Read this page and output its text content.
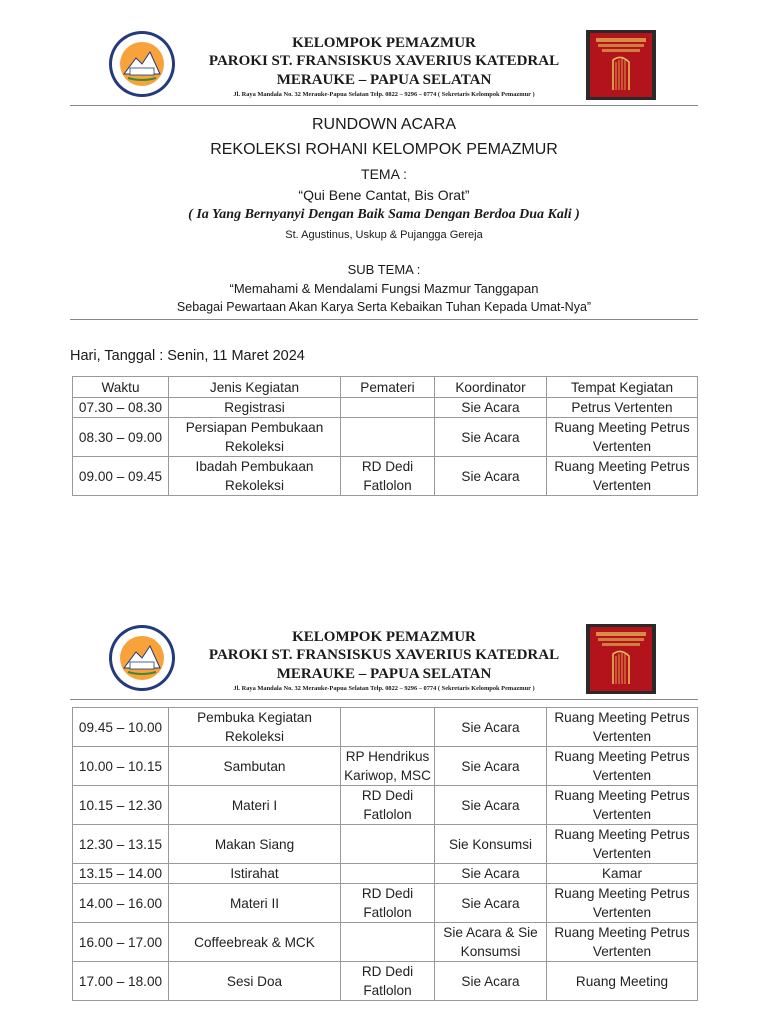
KELOMPOK PEMAZMUR
PAROKI ST. FRANSISKUS XAVERIUS KATEDRAL
MERAUKE – PAPUA SELATAN
Jl. Raya Mandala No. 32 Merauke-Papua Selatan Telp. 0822 – 9296 – 0774 ( Sekretaris Kelompok Pemazmur )
RUNDOWN ACARA
REKOLEKSI ROHANI KELOMPOK PEMAZMUR
TEMA :
“Qui Bene Cantat, Bis Orat”
( Ia Yang Bernyanyi Dengan Baik Sama Dengan Berdoa Dua Kali )
St. Agustinus, Uskup & Pujangga Gereja
SUB TEMA :
“Memahami & Mendalami Fungsi Mazmur Tanggapan
Sebagai Pewartaan Akan Karya Serta Kebaikan Tuhan Kepada Umat-Nya”
Hari, Tanggal : Senin, 11 Maret 2024
Waktu	Jenis Kegiatan	Pemateri	Koordinator	Tempat Kegiatan
07.30 – 08.30	Registrasi		Sie Acara	Petrus Vertenten
08.30 – 09.00	Persiapan Pembukaan Rekoleksi		Sie Acara	Ruang Meeting Petrus Vertenten
09.00 – 09.45	Ibadah Pembukaan Rekoleksi	RD Dedi Fatlolon	Sie Acara	Ruang Meeting Petrus Vertenten
KELOMPOK PEMAZMUR
PAROKI ST. FRANSISKUS XAVERIUS KATEDRAL
MERAUKE – PAPUA SELATAN
Jl. Raya Mandala No. 32 Merauke-Papua Selatan Telp. 0822 – 9296 – 0774 ( Sekretaris Kelompok Pemazmur )
09.45 – 10.00	Pembuka Kegiatan Rekoleksi		Sie Acara	Ruang Meeting Petrus Vertenten
10.00 – 10.15	Sambutan	RP Hendrikus Kariwop, MSC	Sie Acara	Ruang Meeting Petrus Vertenten
10.15 – 12.30	Materi I	RD Dedi Fatlolon	Sie Acara	Ruang Meeting Petrus Vertenten
12.30 – 13.15	Makan Siang		Sie Konsumsi	Ruang Meeting Petrus Vertenten
13.15 – 14.00	Istirahat		Sie Acara	Kamar
14.00 – 16.00	Materi II	RD Dedi Fatlolon	Sie Acara	Ruang Meeting Petrus Vertenten
16.00 – 17.00	Coffeebreak & MCK		Sie Acara & Sie Konsumsi	Ruang Meeting Petrus Vertenten
17.00 – 18.00	Sesi Doa	RD Dedi Fatlolon	Sie Acara	Ruang Meeting
